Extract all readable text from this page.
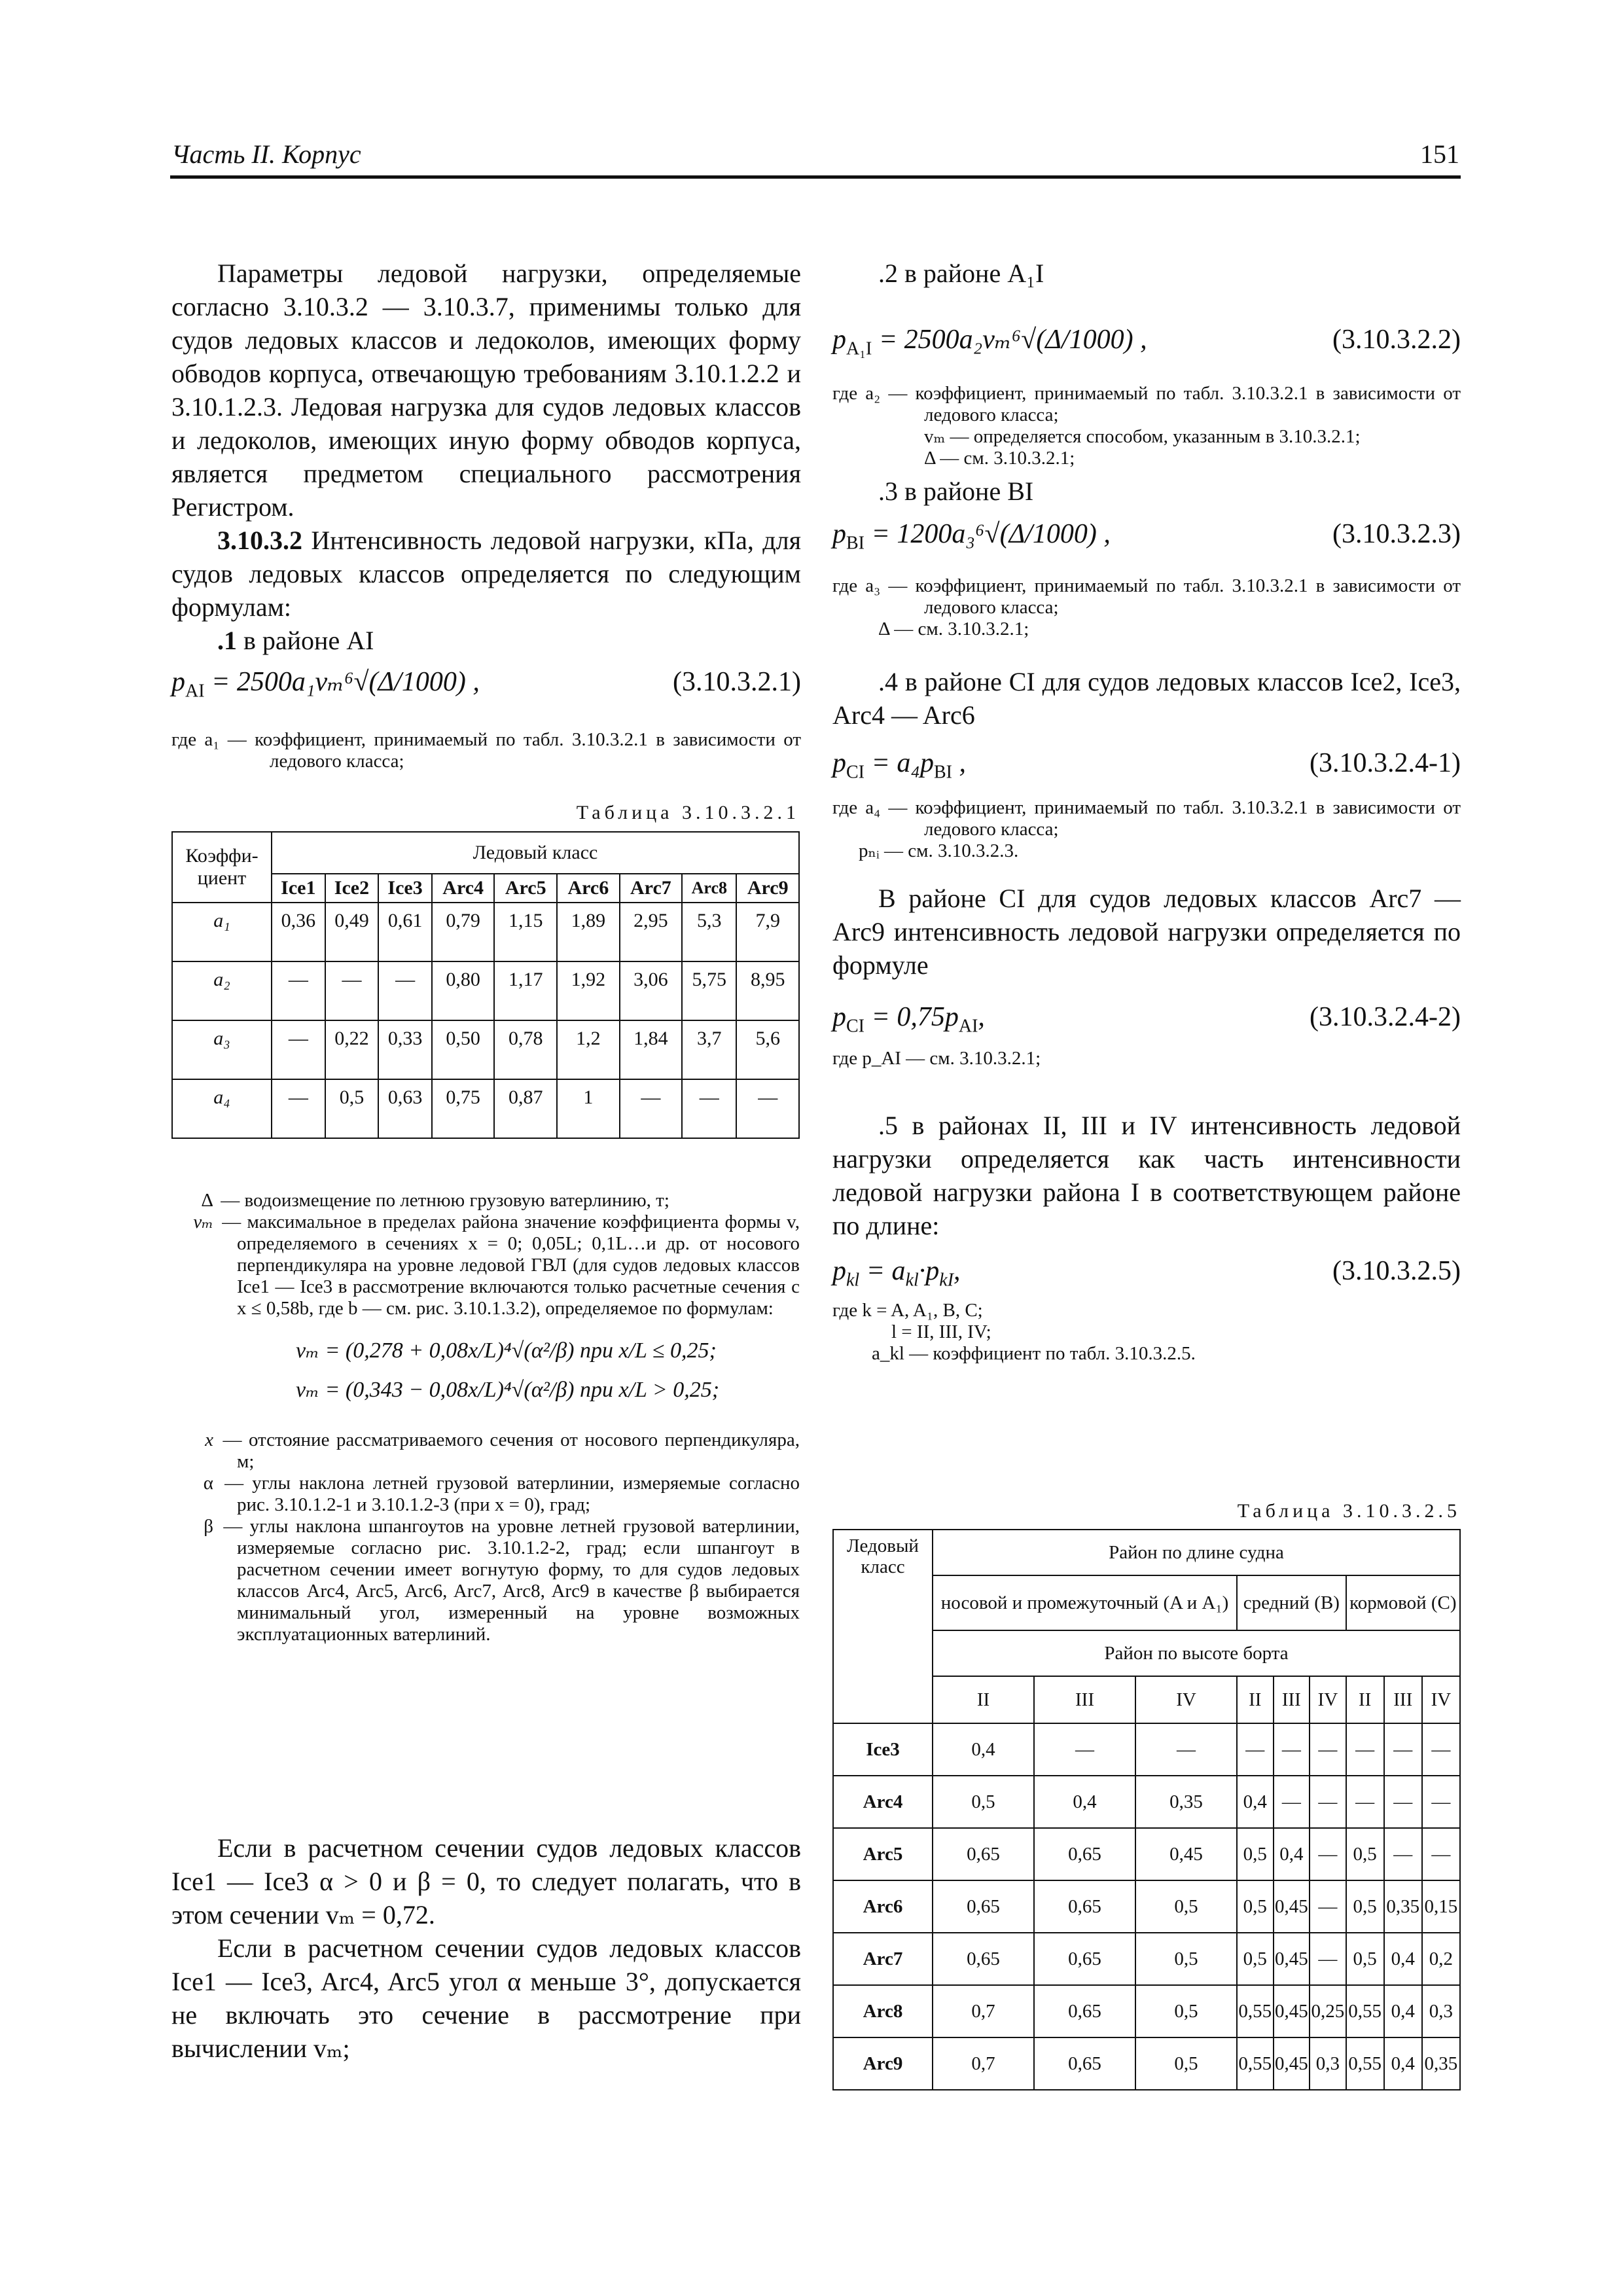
Часть II. Корпус	151

Параметры ледовой нагрузки, определяемые согласно 3.10.3.2 — 3.10.3.7, применимы только для судов ледовых классов и ледоколов, имеющих форму обводов корпуса, отвечающую требованиям 3.10.1.2.2 и 3.10.1.2.3. Ледовая нагрузка для судов ледовых классов и ледоколов, имеющих иную форму обводов корпуса, является предметом специального рассмотрения Регистром.

3.10.3.2 Интенсивность ледовой нагрузки, кПа, для судов ледовых классов определяется по следующим формулам:

.1 в районе AI

$p_{AI} = 2500a_1v_m^6√(\Delta/1000)$ ,	(3.10.3.2.1)
где a₁ — коэффициент, принимаемый по табл. 3.10.3.2.1 в зависимости от ледового класса;
Таблица 3.10.3.2.1
Коэффи-циент	Ледовый класс								
	Ice1	Ice2	Ice3	Arc4	Arc5	Arc6	Arc7	Arc8	Arc9
a₁	0,36	0,49	0,61	0,79	1,15	1,89	2,95	5,3	7,9
a₂	—	—	—	0,80	1,17	1,92	3,06	5,75	8,95
a₃	—	0,22	0,33	0,50	0,78	1,2	1,84	3,7	5,6
a₄	—	0,5	0,63	0,75	0,87	1	—	—	—
Δ — водоизмещение по летнюю грузовую ватерлинию, т;
vₘ — максимальное в пределах района значение коэффициента формы v, определяемого в сечениях x = 0; 0,05L; 0,1L…и др. от носового перпендикуляра на уровне ледовой ГВЛ (для судов ледовых классов Ice1 — Ice3 в рассмотрение включаются только расчетные сечения с x ≤ 0,58b, где b — см. рис. 3.10.1.3.2), определяемое по формулам:
vₘ = (0,278 + 0,08x/L)⁴√(α²/β) при x/L ≤ 0,25;
vₘ = (0,343 − 0,08x/L)⁴√(α²/β) при x/L > 0,25;
x — отстояние рассматриваемого сечения от носового перпендикуляра, м;
α — углы наклона летней грузовой ватерлинии, измеряемые согласно рис. 3.10.1.2-1 и 3.10.1.2-3 (при x = 0), град;
β — углы наклона шпангоутов на уровне летней грузовой ватерлинии, измеряемые согласно рис. 3.10.1.2-2, град; если шпангоут в расчетном сечении имеет вогнутую форму, то для судов ледовых классов Arc4, Arc5, Arc6, Arc7, Arc8, Arc9 в качестве β выбирается минимальный угол, измеренный на уровне возможных эксплуатационных ватерлиний.

Если в расчетном сечении судов ледовых классов Ice1 — Ice3 α > 0 и β = 0, то следует полагать, что в этом сечении vₘ = 0,72.

Если в расчетном сечении судов ледовых классов Ice1 — Ice3, Arc4, Arc5 угол α меньше 3°, допускается не включать это сечение в рассмотрение при вычислении vₘ;

.2 в районе A₁I

$p_{A_1I} = 2500a_2v_m^6√(\Delta/1000)$ ,	(3.10.3.2.2)
где a₂ — коэффициент, принимаемый по табл. 3.10.3.2.1 в зависимости от ледового класса;
vₘ — определяется способом, указанным в 3.10.3.2.1;
Δ — см. 3.10.3.2.1;

.3 в районе BI

$p_{BI} = 1200a_3^6√(\Delta/1000)$ ,	(3.10.3.2.3)
где a₃ — коэффициент, принимаемый по табл. 3.10.3.2.1 в зависимости от ледового класса;
Δ — см. 3.10.3.2.1;

.4 в районе CI для судов ледовых классов Ice2, Ice3, Arc4 — Arc6

$p_{CI} = a_4p_{BI}$ ,	(3.10.3.2.4-1)
где a₄ — коэффициент, принимаемый по табл. 3.10.3.2.1 в зависимости от ледового класса;
pₙᵢ — см. 3.10.3.2.3.

В районе CI для судов ледовых классов Arc7 — Arc9 интенсивность ледовой нагрузки определяется по формуле

$p_{CI} = 0,75p_{AI}$,	(3.10.3.2.4-2)
где p_AI — см. 3.10.3.2.1;

.5 в районах II, III и IV интенсивность ледовой нагрузки определяется как часть интенсивности ледовой нагрузки района I в соответствующем районе по длине:

$p_{kl} = a_{kl}\cdot p_{kI}$,	(3.10.3.2.5)
где k = A, A₁, B, C;
l = II, III, IV;
a_kl — коэффициент по табл. 3.10.3.2.5.
Таблица 3.10.3.2.5
Ледовый класс	Район по длине судна								
	носовой и промежуточный (A и A₁)			средний (B)			кормовой (C)		
	Район по высоте борта								
	II	III	IV	II	III	IV	II	III	IV
Ice3	0,4	—	—	—	—	—	—	—	—
Arc4	0,5	0,4	0,35	0,4	—	—	—	—	—
Arc5	0,65	0,65	0,45	0,5	0,4	—	0,5	—	—
Arc6	0,65	0,65	0,5	0,5	0,45	—	0,5	0,35	0,15
Arc7	0,65	0,65	0,5	0,5	0,45	—	0,5	0,4	0,2
Arc8	0,7	0,65	0,5	0,55	0,45	0,25	0,55	0,4	0,3
Arc9	0,7	0,65	0,5	0,55	0,45	0,3	0,55	0,4	0,35
